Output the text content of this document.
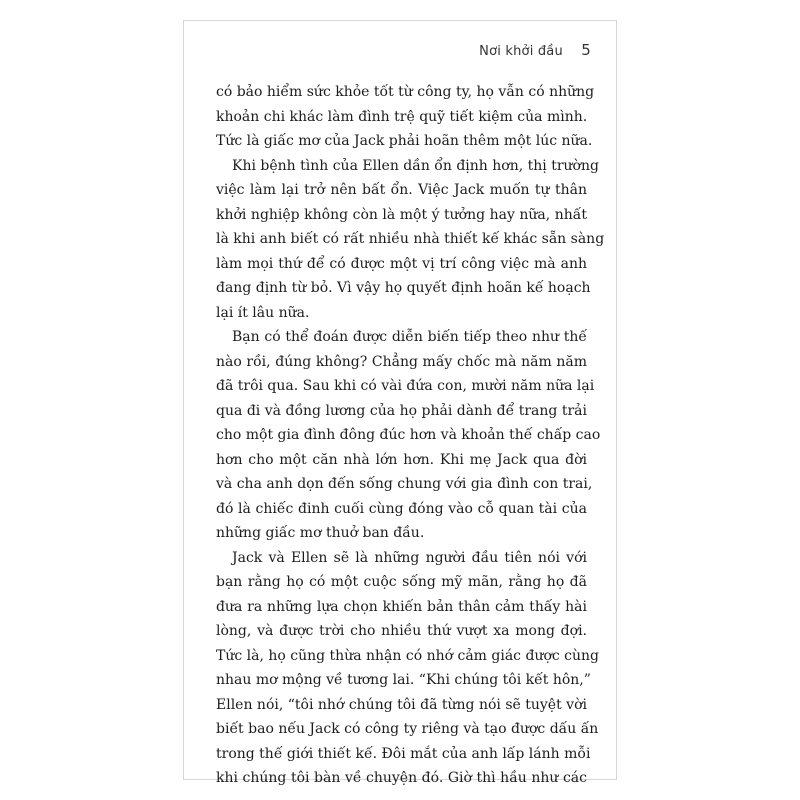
Nơi khởi đầu 5

có bảo hiểm sức khỏe tốt từ công ty, họ vẫn có những
khoản chi khác làm đình trệ quỹ tiết kiệm của mình.
Tức là giấc mơ của Jack phải hoãn thêm một lúc nữa.

Khi bệnh tình của Ellen dần ổn định hơn, thị trường
việc làm lại trở nên bất ổn. Việc Jack muốn tự thân
khởi nghiệp không còn là một ý tưởng hay nữa, nhất
là khi anh biết có rất nhiều nhà thiết kế khác sẵn sàng
làm mọi thứ để có được một vị trí công việc mà anh
đang định từ bỏ. Vì vậy họ quyết định hoãn kế hoạch
lại ít lâu nữa.

Bạn có thể đoán được diễn biến tiếp theo như thế
nào rồi, đúng không? Chẳng mấy chốc mà năm năm
đã trôi qua. Sau khi có vài đứa con, mười năm nữa lại
qua đi và đồng lương của họ phải dành để trang trải
cho một gia đình đông đúc hơn và khoản thế chấp cao
hơn cho một căn nhà lớn hơn. Khi mẹ Jack qua đời
và cha anh dọn đến sống chung với gia đình con trai,
đó là chiếc đinh cuối cùng đóng vào cỗ quan tài của
những giấc mơ thuở ban đầu.

Jack và Ellen sẽ là những người đầu tiên nói với
bạn rằng họ có một cuộc sống mỹ mãn, rằng họ đã
đưa ra những lựa chọn khiến bản thân cảm thấy hài
lòng, và được trời cho nhiều thứ vượt xa mong đợi.
Tức là, họ cũng thừa nhận có nhớ cảm giác được cùng
nhau mơ mộng về tương lai. “Khi chúng tôi kết hôn,”
Ellen nói, “tôi nhớ chúng tôi đã từng nói sẽ tuyệt vời
biết bao nếu Jack có công ty riêng và tạo được dấu ấn
trong thế giới thiết kế. Đôi mắt của anh lấp lánh mỗi
khi chúng tôi bàn về chuyện đó. Giờ thì hầu như các
